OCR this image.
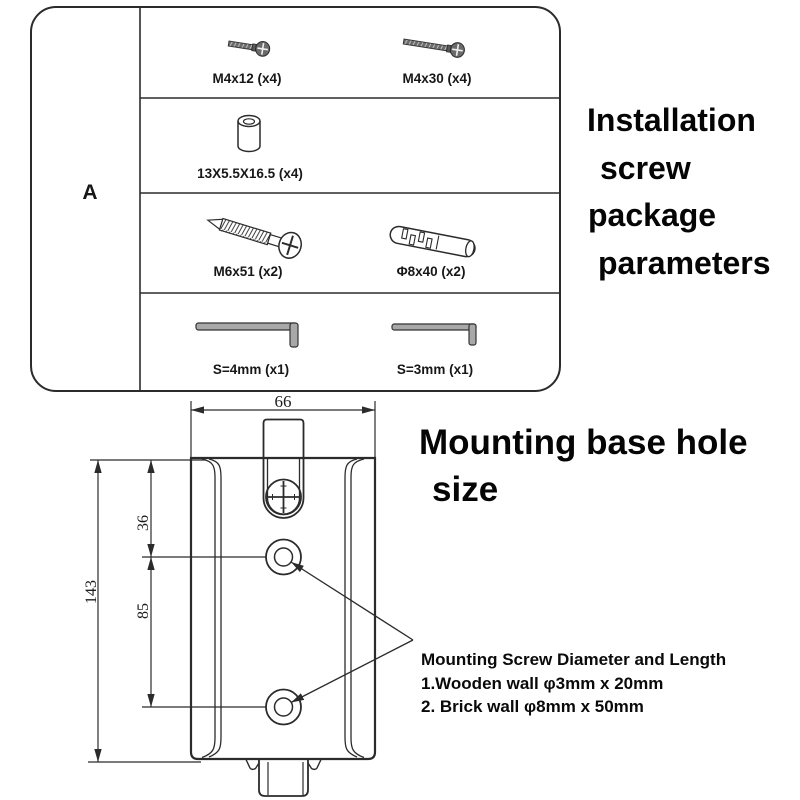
A
M4x12 (x4)	M4x30 (x4)
13X5.5X16.5 (x4)
M6x51 (x2)	Φ8x40 (x2)
S=4mm (x1)	S=3mm (x1)
Installation
screw
package
parameters
Mounting base hole
size
Mounting Screw Diameter and Length
1.Wooden wall φ3mm x 20mm
2. Brick wall φ8mm x 50mm
66
143
36
85
